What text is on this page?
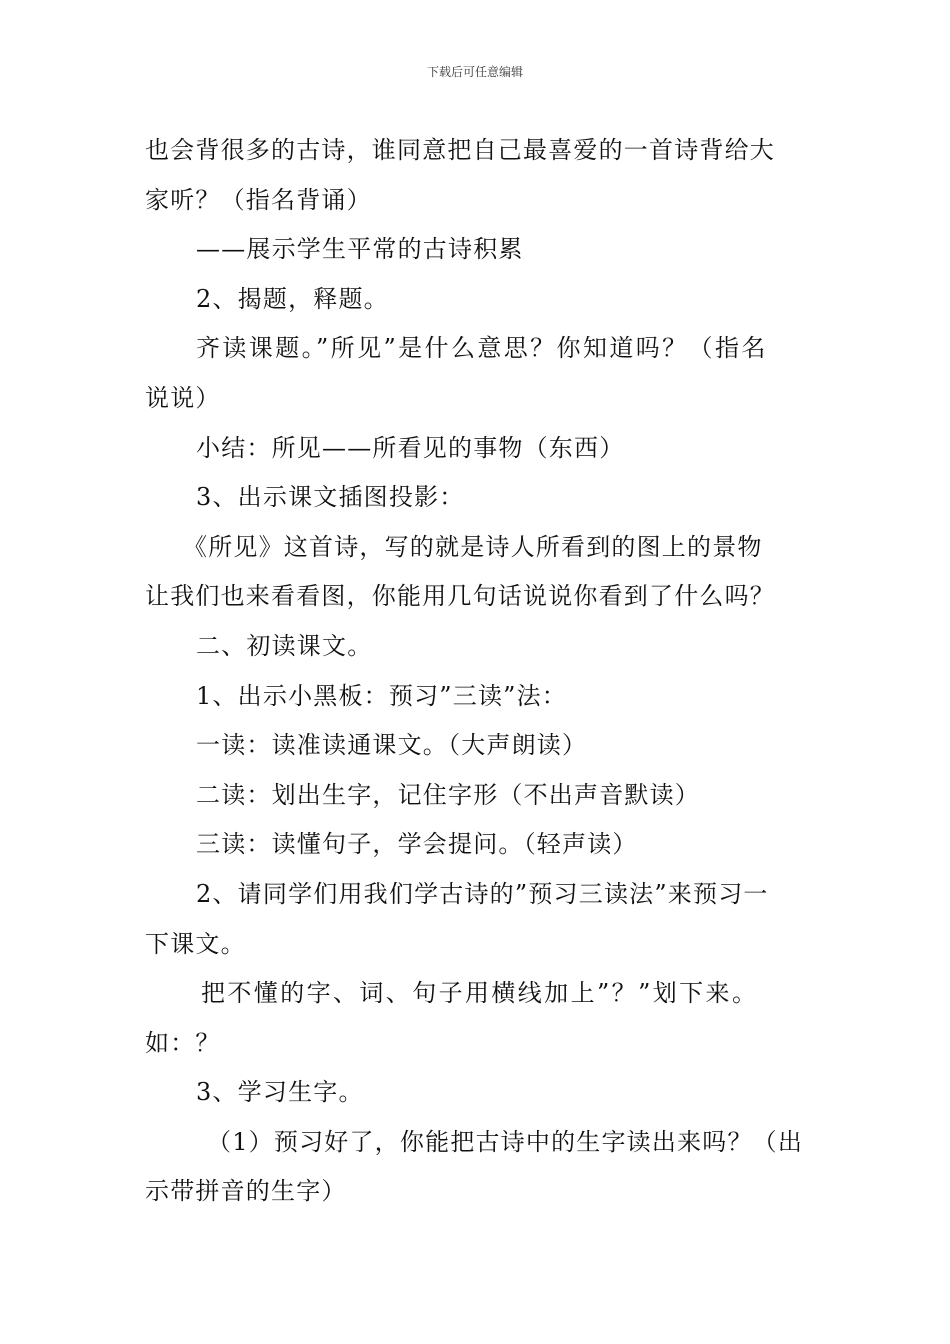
下载后可任意编辑
也会背很多的古诗，谁同意把自己最喜爱的一首诗背给大
家听？（指名背诵）
——展示学生平常的古诗积累
2、揭题，释题。
齐读课题。”所见”是什么意思？你知道吗？（指名
说说）
小结：所见——所看见的事物（东西）
3、出示课文插图投影：
《所见》这首诗，写的就是诗人所看到的图上的景物
让我们也来看看图，你能用几句话说说你看到了什么吗？
二、初读课文。
1、出示小黑板：预习”三读”法：
一读：读准读通课文。（大声朗读）
二读：划出生字，记住字形（不出声音默读）
三读：读懂句子，学会提问。（轻声读）
2、请同学们用我们学古诗的”预习三读法”来预习一
下课文。
把不懂的字、词、句子用横线加上”？”划下来。
如：？
3、学习生字。
（1）预习好了，你能把古诗中的生字读出来吗？（出
示带拼音的生字）
